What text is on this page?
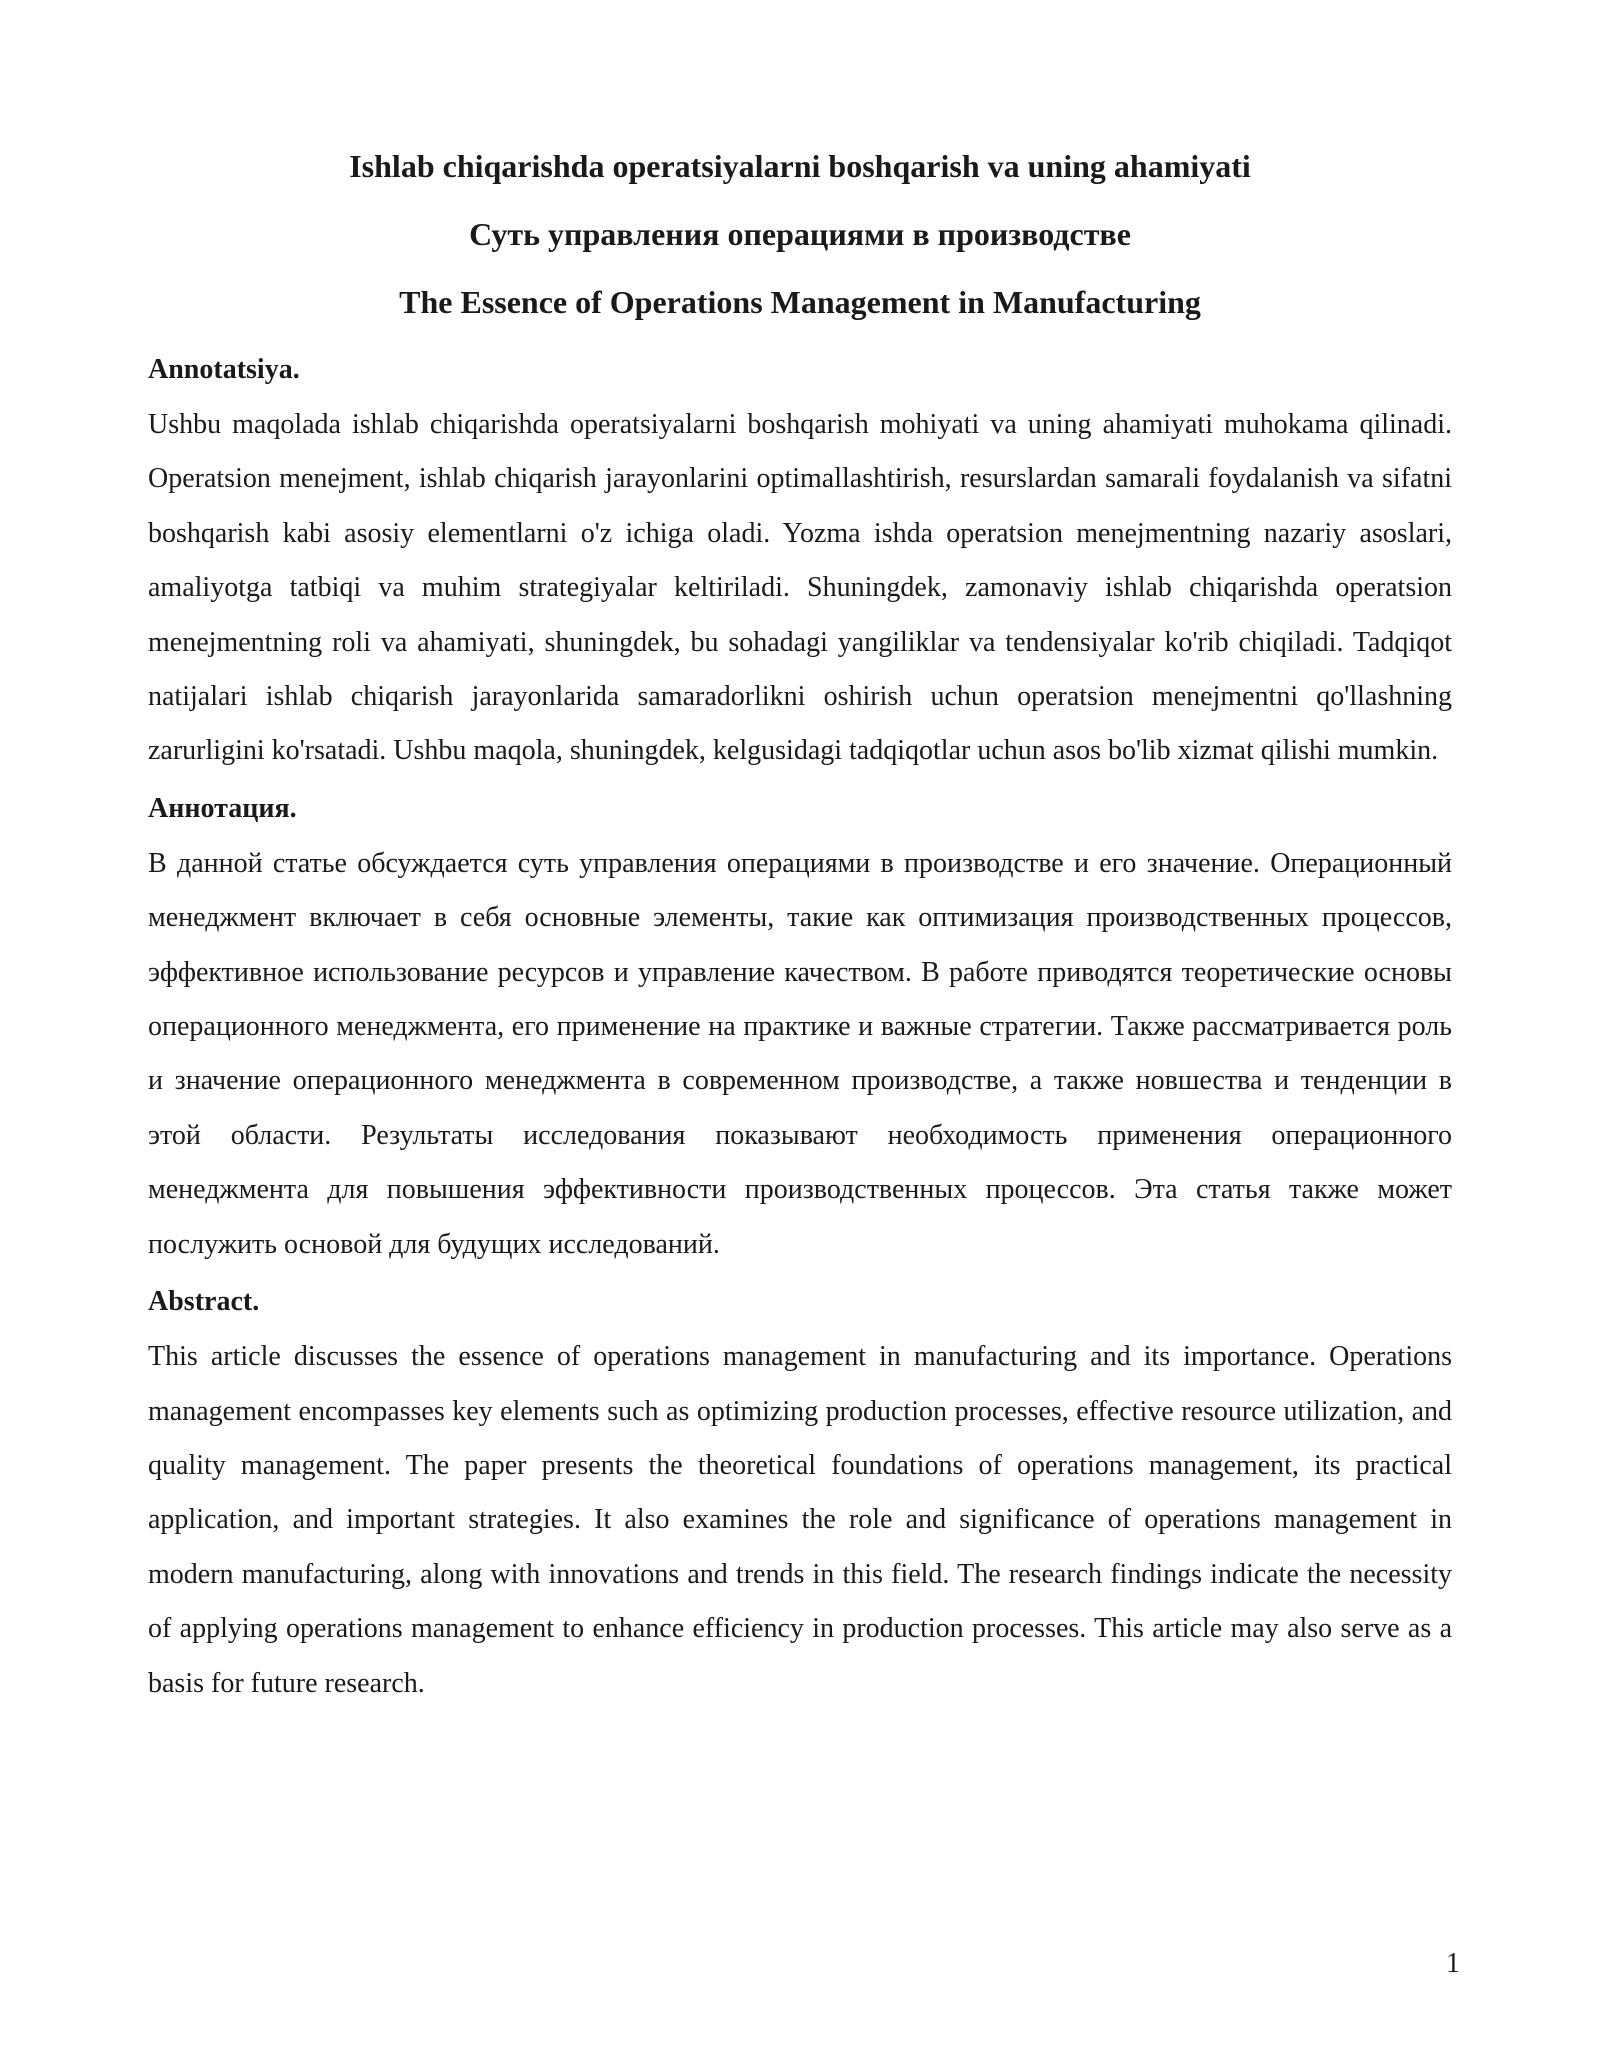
Ishlab chiqarishda operatsiyalarni boshqarish va uning ahamiyati
Суть управления операциями в производстве
The Essence of Operations Management in Manufacturing
Annotatsiya.
Ushbu maqolada ishlab chiqarishda operatsiyalarni boshqarish mohiyati va uning ahamiyati muhokama qilinadi. Operatsion menejment, ishlab chiqarish jarayonlarini optimallashtirish, resurslardan samarali foydalanish va sifatni boshqarish kabi asosiy elementlarni o'z ichiga oladi. Yozma ishda operatsion menejmentning nazariy asoslari, amaliyotga tatbiqi va muhim strategiyalar keltiriladi. Shuningdek, zamonaviy ishlab chiqarishda operatsion menejmentning roli va ahamiyati, shuningdek, bu sohadagi yangiliklar va tendensiyalar ko'rib chiqiladi. Tadqiqot natijalari ishlab chiqarish jarayonlarida samaradorlikni oshirish uchun operatsion menejmentni qo'llashning zarurligini ko'rsatadi. Ushbu maqola, shuningdek, kelgusidagi tadqiqotlar uchun asos bo'lib xizmat qilishi mumkin.
Аннотация.
В данной статье обсуждается суть управления операциями в производстве и его значение. Операционный менеджмент включает в себя основные элементы, такие как оптимизация производственных процессов, эффективное использование ресурсов и управление качеством. В работе приводятся теоретические основы операционного менеджмента, его применение на практике и важные стратегии. Также рассматривается роль и значение операционного менеджмента в современном производстве, а также новшества и тенденции в этой области. Результаты исследования показывают необходимость применения операционного менеджмента для повышения эффективности производственных процессов. Эта статья также может послужить основой для будущих исследований.
Abstract.
This article discusses the essence of operations management in manufacturing and its importance. Operations management encompasses key elements such as optimizing production processes, effective resource utilization, and quality management. The paper presents the theoretical foundations of operations management, its practical application, and important strategies. It also examines the role and significance of operations management in modern manufacturing, along with innovations and trends in this field. The research findings indicate the necessity of applying operations management to enhance efficiency in production processes. This article may also serve as a basis for future research.
1
